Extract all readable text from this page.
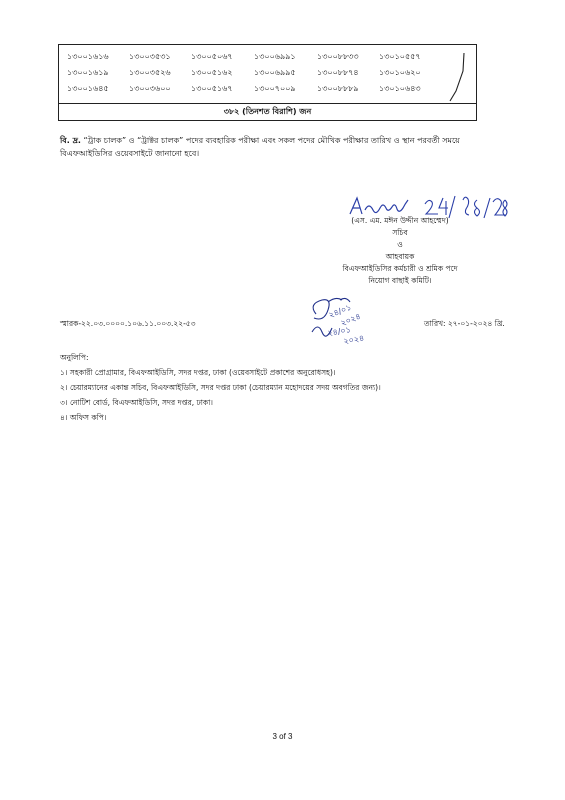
১৩০০১৬১৬	১৩০০৩৫৩১	১৩০০৫০৬৭	১৩০০৬৯৯১	১৩০০৮৮৩৩	১৩০১০৫৫৭
১৩০০১৬১৯	১৩০০৩৫২৬	১৩০০৫১৬২	১৩০০৬৯৯৫	১৩০০৮৮৭৪	১৩০১০৬২০
১৩০০১৬৪৫	১৩০০৩৬০০	১৩০০৫১৬৭	১৩০০৭০০৯	১৩০০৮৮৮৯	১৩০১০৬৪৩
৩৮২ (তিনশত বিরাশি) জন
বি. দ্র. “ট্রাক চালক” ও “ট্রাক্টর চালক” পদের ব্যবহারিক পরীক্ষা এবং সকল পদের মৌখিক পরীক্ষার তারিখ ও স্থান পরবর্তী সময়ে বিএফআইডিসির ওয়েবসাইটে জানানো হবে।
(এস. এম. মঈন উদ্দীন আহম্মেদ)
সচিব
ও
আহবায়ক
বিএফআইডিসির কর্মচারী ও শ্রমিক পদে
নিয়োগ বাছাই কমিটি।
২৪/০১
২০২৪
২৪/০১
২০২৪
স্মারক-২২.০৩.০০০০.১০৬.১১.০০৩.২২-৫৩	তারিখ: ২৭-০১-২০২৪ খ্রি.
অনুলিপি:
১। সহকারী প্রোগ্রামার, বিএফআইডিসি, সদর দপ্তর, ঢাকা (ওয়েবসাইটে প্রকাশের অনুরোধসহ)।
২। চেয়ারম্যানের একান্ত সচিব, বিএফআইডিসি, সদর দপ্তর ঢাকা (চেয়ারম্যান মহোদয়ের সদয় অবগতির জন্য)।
৩। নোটিশ বোর্ড, বিএফআইডিসি, সদর দপ্তর, ঢাকা।
৪। অফিস কপি।
3 of 3
